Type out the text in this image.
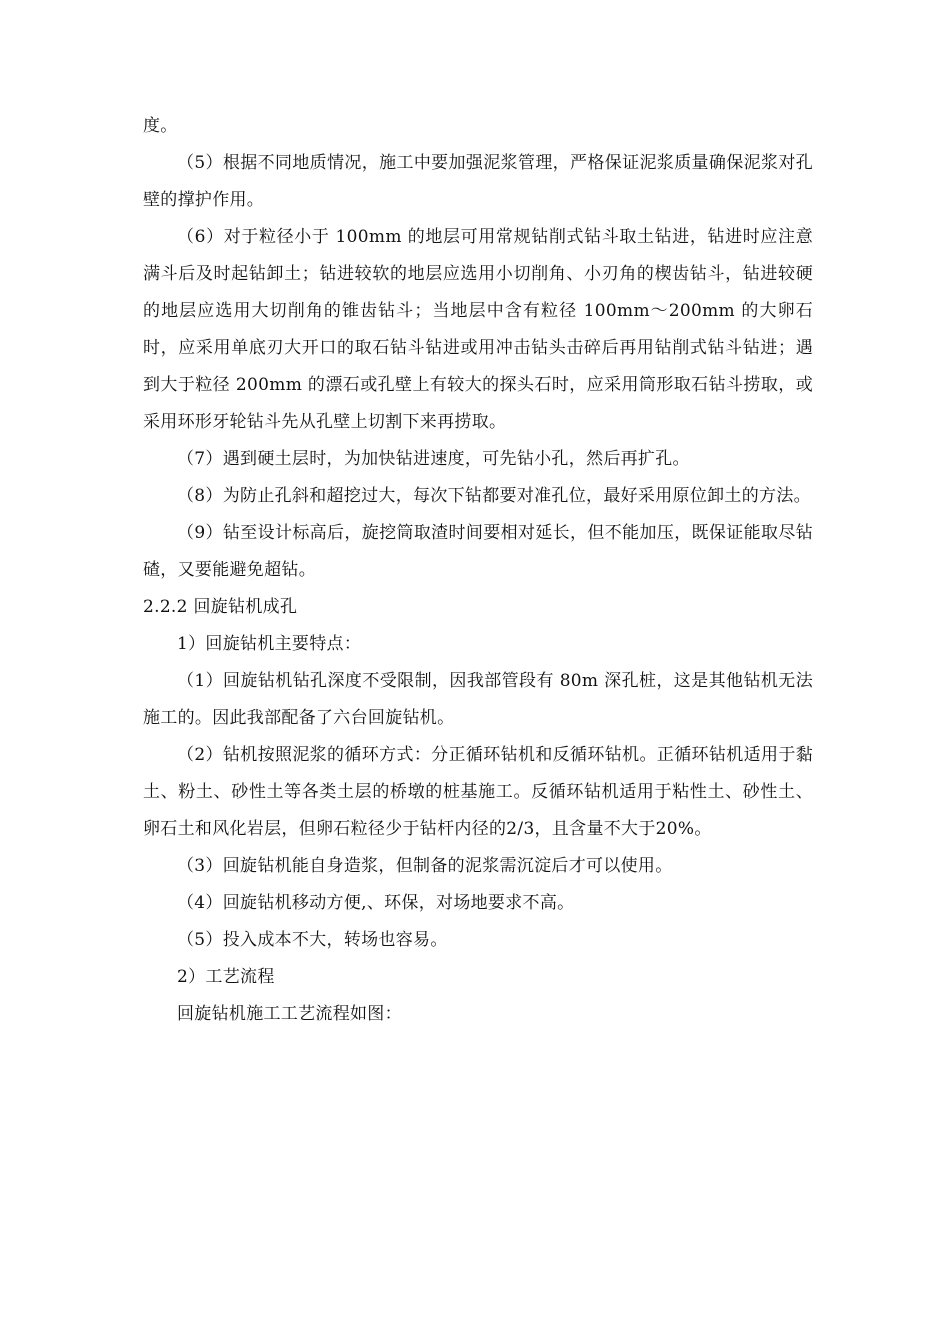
度。

（5）根据不同地质情况，施工中要加强泥浆管理，严格保证泥浆质量确保泥浆对孔壁的撑护作用。

（6）对于粒径小于 100mm 的地层可用常规钻削式钻斗取土钻进，钻进时应注意满斗后及时起钻卸土；钻进较软的地层应选用小切削角、小刃角的楔齿钻斗，钻进较硬的地层应选用大切削角的锥齿钻斗；当地层中含有粒径 100mm～200mm 的大卵石时，应采用单底刃大开口的取石钻斗钻进或用冲击钻头击碎后再用钻削式钻斗钻进；遇到大于粒径 200mm 的漂石或孔壁上有较大的探头石时，应采用筒形取石钻斗捞取，或采用环形牙轮钻斗先从孔壁上切割下来再捞取。

（7）遇到硬土层时，为加快钻进速度，可先钻小孔，然后再扩孔。

（8）为防止孔斜和超挖过大，每次下钻都要对准孔位，最好采用原位卸土的方法。

（9）钻至设计标高后，旋挖筒取渣时间要相对延长，但不能加压，既保证能取尽钻碴，又要能避免超钻。

2.2.2 回旋钻机成孔

1）回旋钻机主要特点：

（1）回旋钻机钻孔深度不受限制，因我部管段有 80m 深孔桩，这是其他钻机无法施工的。因此我部配备了六台回旋钻机。

（2）钻机按照泥浆的循环方式：分正循环钻机和反循环钻机。正循环钻机适用于黏土、粉土、砂性土等各类土层的桥墩的桩基施工。反循环钻机适用于粘性土、砂性土、卵石土和风化岩层，但卵石粒径少于钻杆内径的2/3，且含量不大于20%。

（3）回旋钻机能自身造浆，但制备的泥浆需沉淀后才可以使用。

（4）回旋钻机移动方便,、环保，对场地要求不高。

（5）投入成本不大，转场也容易。

2）工艺流程

回旋钻机施工工艺流程如图：
